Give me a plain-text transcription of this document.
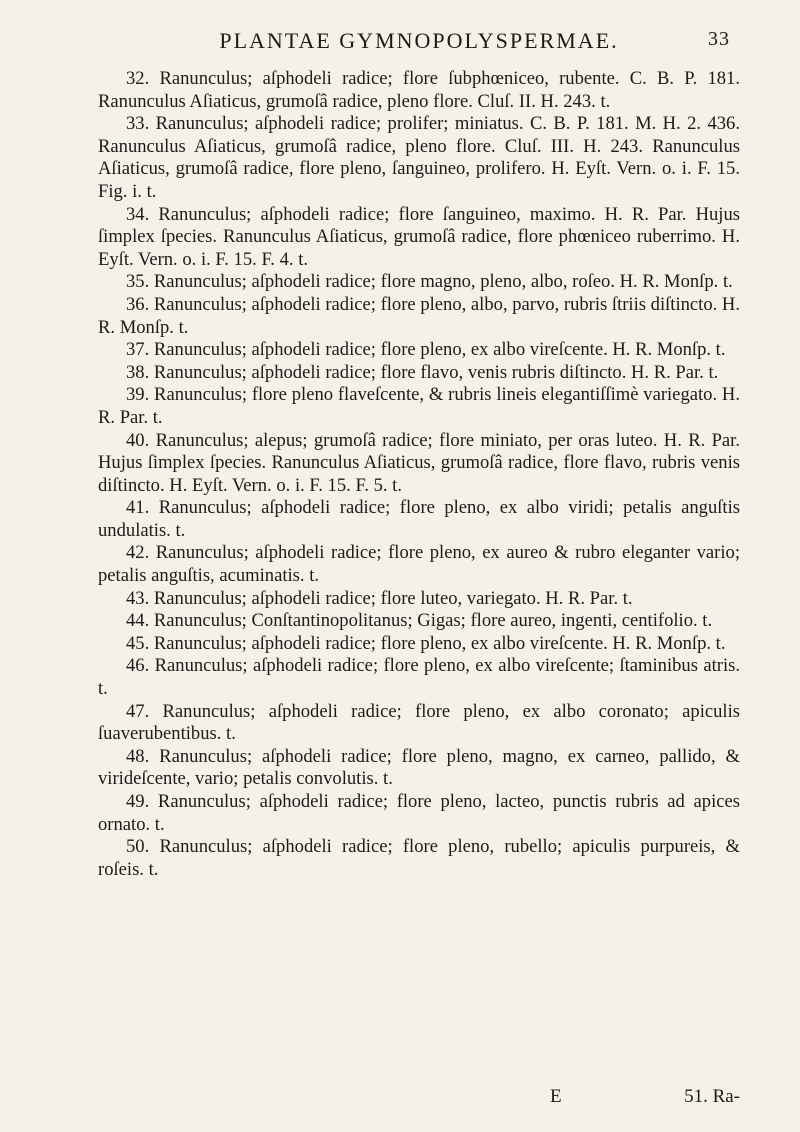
PLANTAE GYMNOPOLYSPERMAE.	33

32. Ranunculus; aſphodeli radice; flore ſubphœniceo, rubente. C. B. P. 181. Ranunculus Aſiaticus, grumoſâ radice, pleno flore. Cluſ. II. H. 243. t.

33. Ranunculus; aſphodeli radice; prolifer; miniatus. C. B. P. 181. M. H. 2. 436. Ranunculus Aſiaticus, grumoſâ radice, pleno flore. Cluſ. III. H. 243. Ranunculus Aſiaticus, grumoſâ radice, flore pleno, ſanguineo, prolifero. H. Eyſt. Vern. o. i. F. 15. Fig. i. t.

34. Ranunculus; aſphodeli radice; flore ſanguineo, maximo. H. R. Par. Hujus ſimplex ſpecies. Ranunculus Aſiaticus, grumoſâ radice, flore phœniceo ruberrimo. H. Eyſt. Vern. o. i. F. 15. F. 4. t.

35. Ranunculus; aſphodeli radice; flore magno, pleno, albo, roſeo. H. R. Monſp. t.

36. Ranunculus; aſphodeli radice; flore pleno, albo, parvo, rubris ſtriis diſtincto. H. R. Monſp. t.

37. Ranunculus; aſphodeli radice; flore pleno, ex albo vireſcente. H. R. Monſp. t.

38. Ranunculus; aſphodeli radice; flore flavo, venis rubris diſtincto. H. R. Par. t.

39. Ranunculus; flore pleno flaveſcente, & rubris lineis elegantiſſimè variegato. H. R. Par. t.

40. Ranunculus; alepus; grumoſâ radice; flore miniato, per oras luteo. H. R. Par. Hujus ſimplex ſpecies. Ranunculus Aſiaticus, grumoſâ radice, flore flavo, rubris venis diſtincto. H. Eyſt. Vern. o. i. F. 15. F. 5. t.

41. Ranunculus; aſphodeli radice; flore pleno, ex albo viridi; petalis anguſtis undulatis. t.

42. Ranunculus; aſphodeli radice; flore pleno, ex aureo & rubro eleganter vario; petalis anguſtis, acuminatis. t.

43. Ranunculus; aſphodeli radice; flore luteo, variegato. H. R. Par. t.

44. Ranunculus; Conſtantinopolitanus; Gigas; flore aureo, ingenti, centifolio. t.

45. Ranunculus; aſphodeli radice; flore pleno, ex albo vireſcente. H. R. Monſp. t.

46. Ranunculus; aſphodeli radice; flore pleno, ex albo vireſcente; ſtaminibus atris. t.

47. Ranunculus; aſphodeli radice; flore pleno, ex albo coronato; apiculis ſuaverubentibus. t.

48. Ranunculus; aſphodeli radice; flore pleno, magno, ex carneo, pallido, & virideſcente, vario; petalis convolutis. t.

49. Ranunculus; aſphodeli radice; flore pleno, lacteo, punctis rubris ad apices ornato. t.

50. Ranunculus; aſphodeli radice; flore pleno, rubello; apiculis purpureis, & roſeis. t.

E	51. Ra-
